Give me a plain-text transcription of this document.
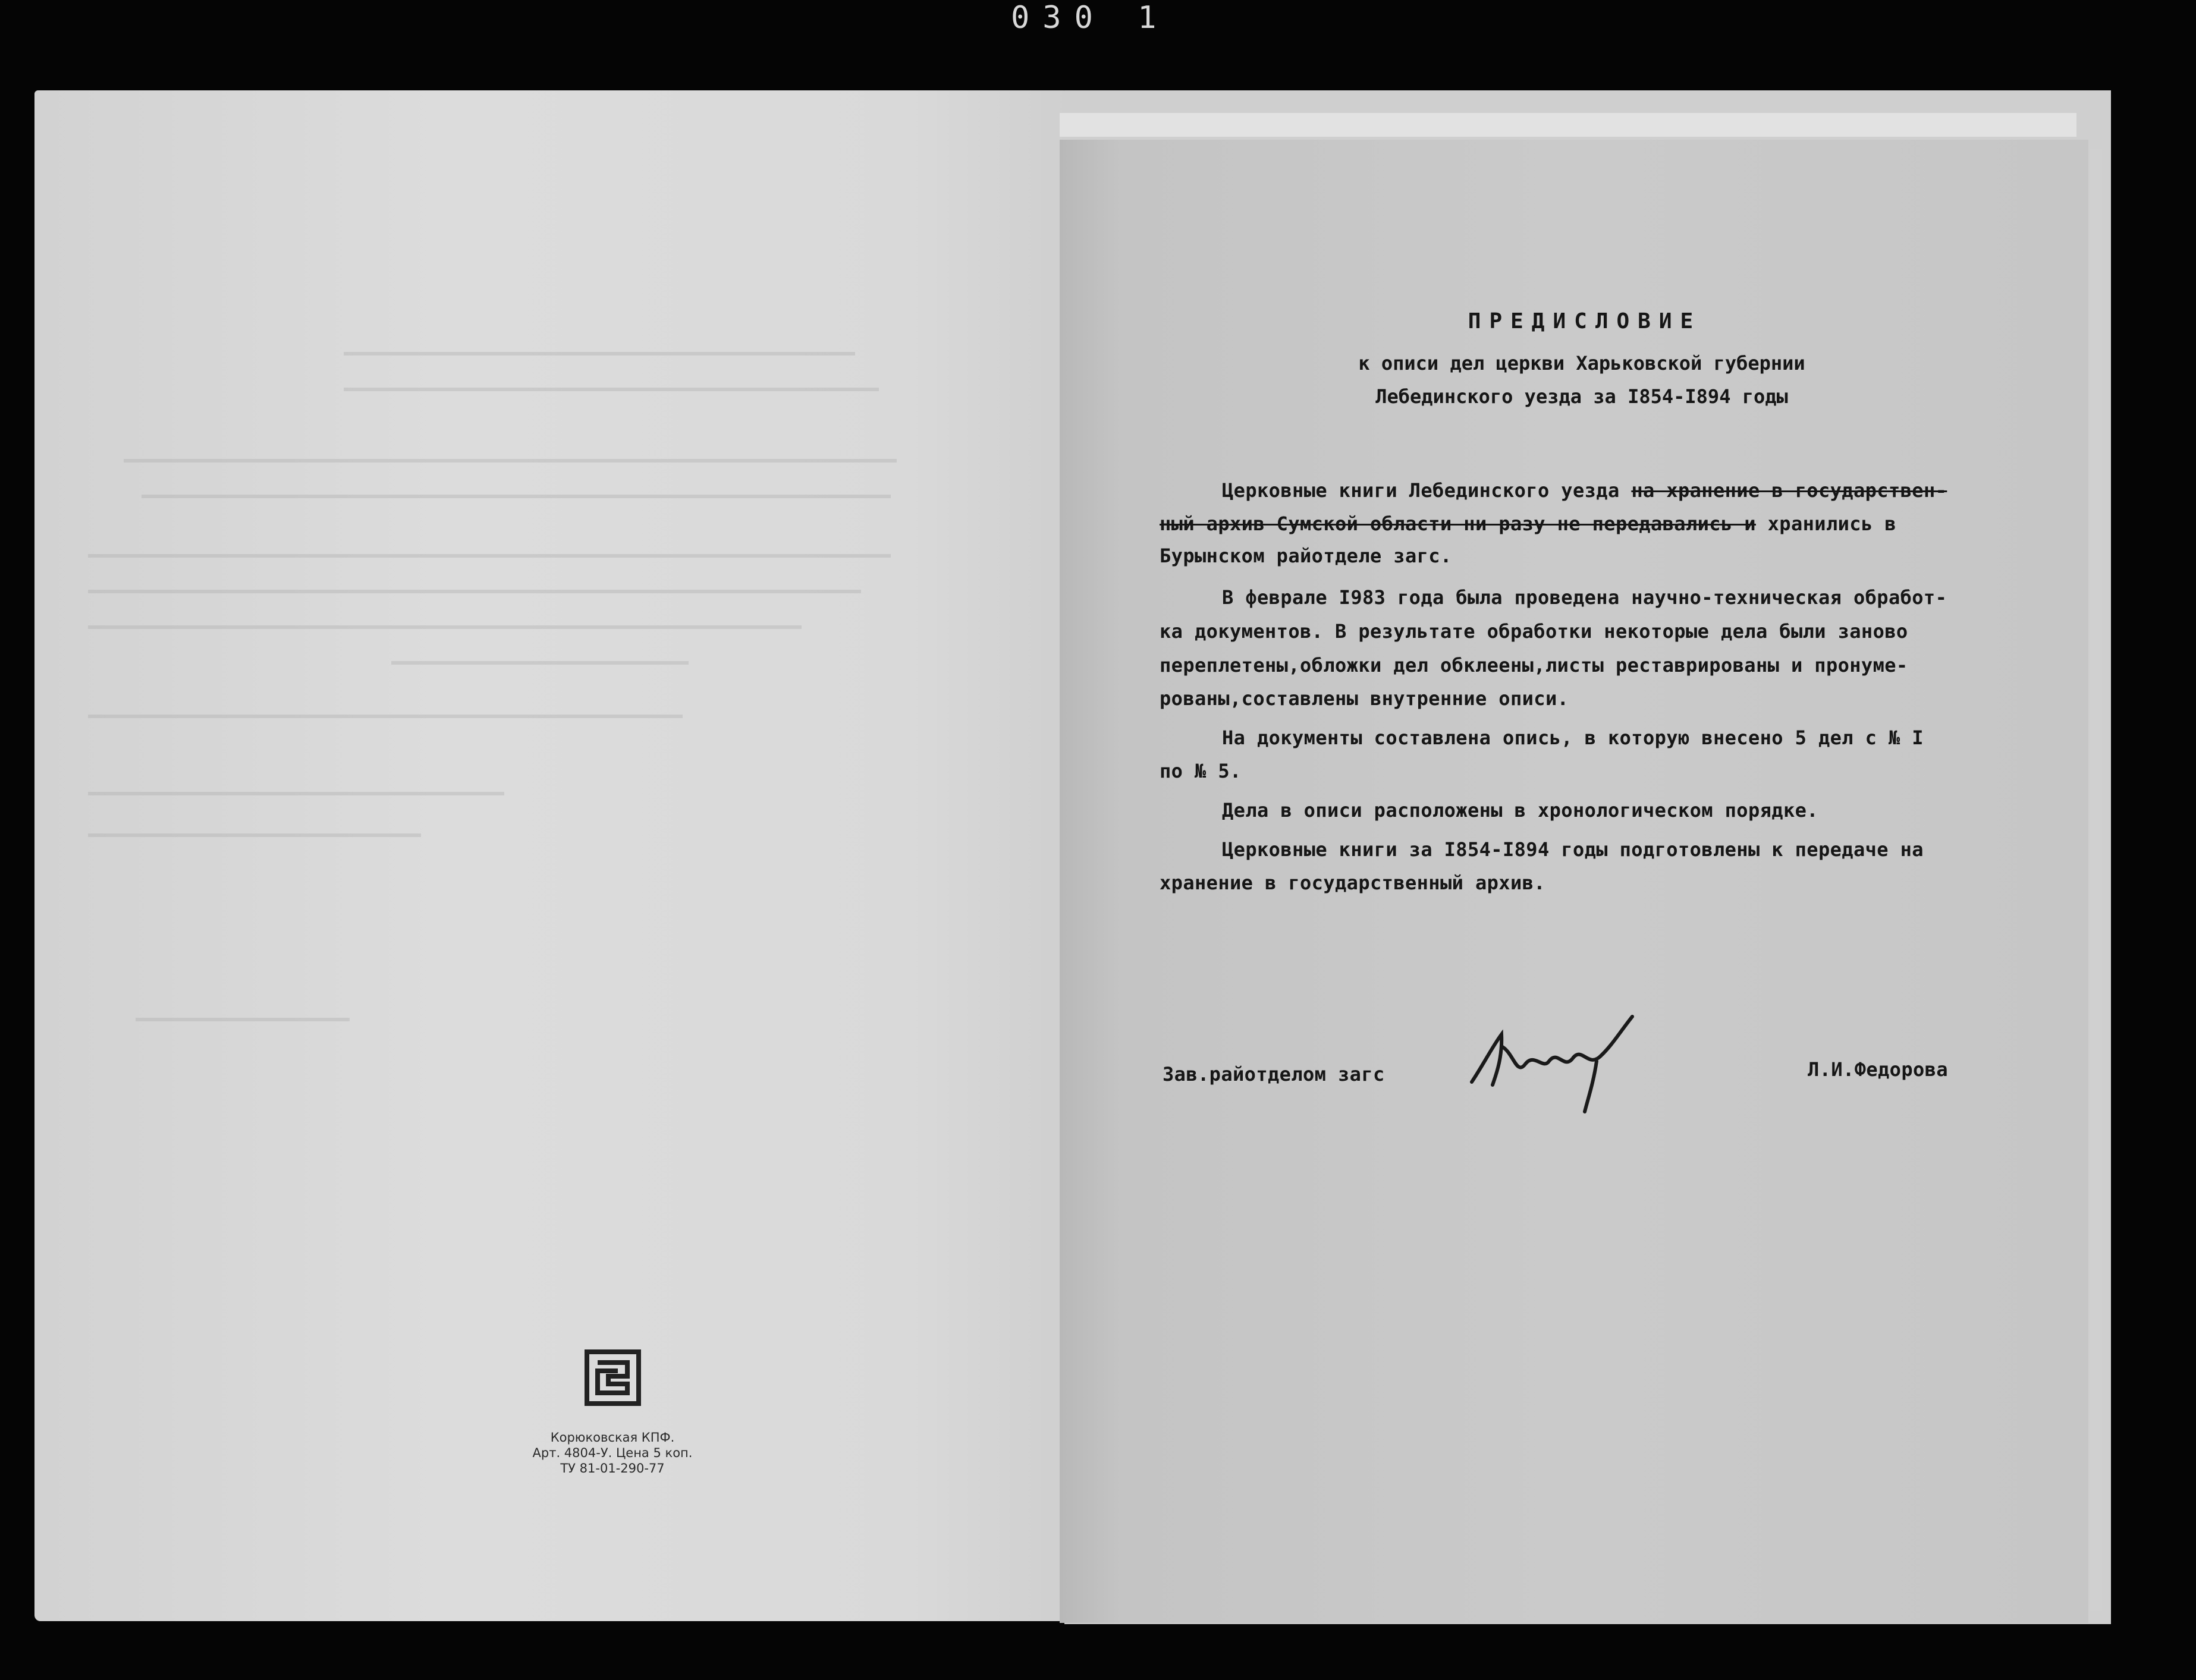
030 1
Корюковская КПФ.
Арт. 4804-У. Цена 5 коп.
ТУ 81-01-290-77
ПРЕДИСЛОВИЕ
к описи дел церкви Харьковской губернии
Лебединского уезда за I854-I894 годы
Церковные книги Лебединского уезда на хранение в государствен-
ный архив Сумской области ни разу не передавались и хранились в
Бурынском райотделе загс.
В феврале I983 года была проведена научно-техническая обработ-
ка документов. В результате обработки некоторые дела были заново
переплетены,обложки дел обклеены,листы реставрированы и пронуме-
рованы,составлены внутренние описи.
На документы составлена опись, в которую внесено 5 дел с № I
по № 5.
Дела в описи расположены в хронологическом порядке.
Церковные книги за I854-I894 годы подготовлены к передаче на
хранение в государственный архив.
Зав.райотделом загс	Л.И.Федорова
